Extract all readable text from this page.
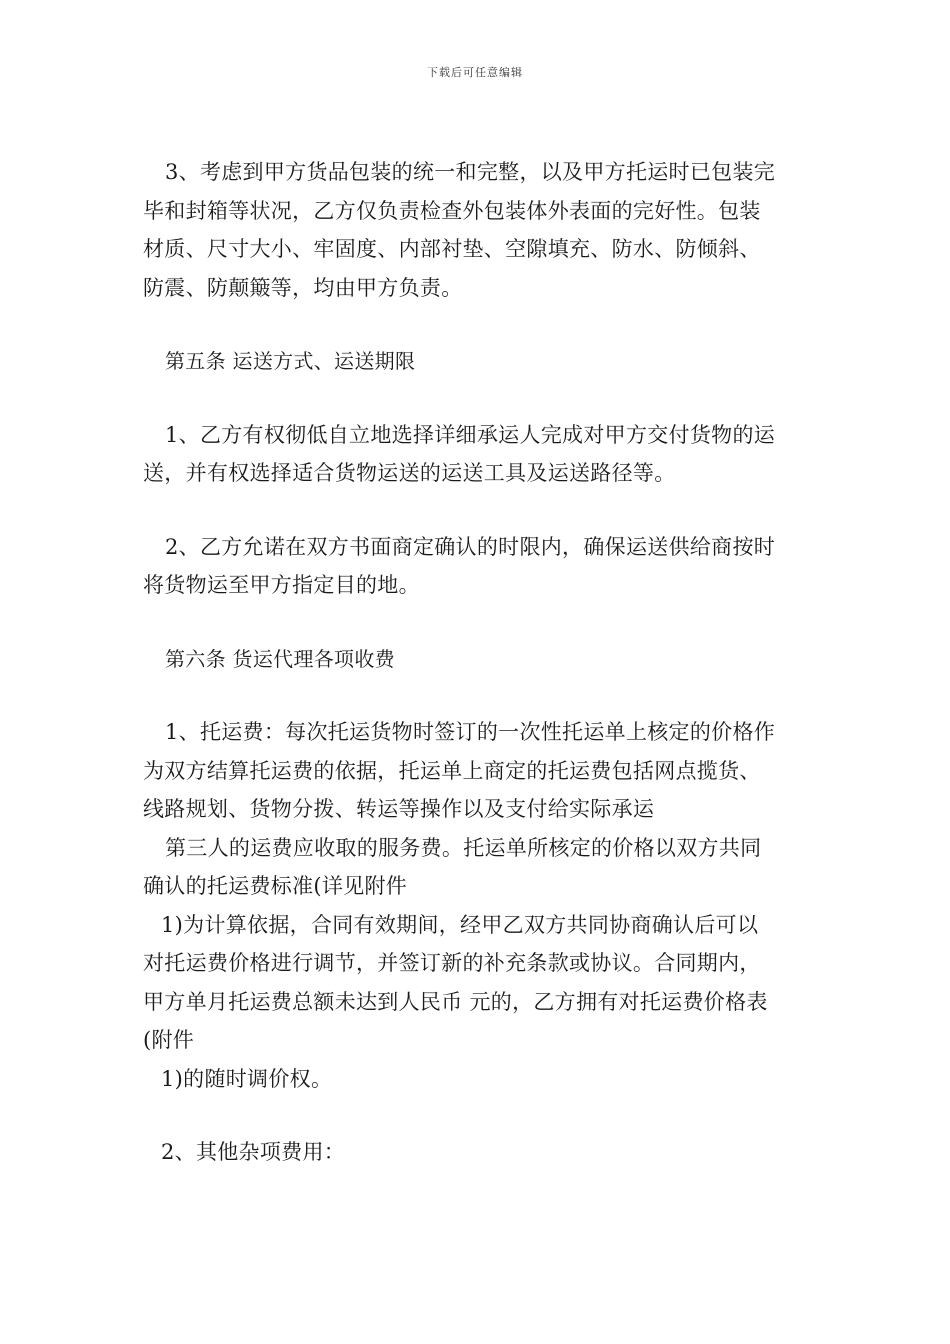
下载后可任意编辑

3、考虑到甲方货品包装的统一和完整，以及甲方托运时已包装完
毕和封箱等状况，乙方仅负责检查外包装体外表面的完好性。包装
材质、尺寸大小、牢固度、内部衬垫、空隙填充、防水、防倾斜、
防震、防颠簸等，均由甲方负责。

第五条 运送方式、运送期限

1、乙方有权彻低自立地选择详细承运人完成对甲方交付货物的运
送，并有权选择适合货物运送的运送工具及运送路径等。

2、乙方允诺在双方书面商定确认的时限内，确保运送供给商按时
将货物运至甲方指定目的地。

第六条 货运代理各项收费

1、托运费：每次托运货物时签订的一次性托运单上核定的价格作
为双方结算托运费的依据，托运单上商定的托运费包括网点揽货、
线路规划、货物分拨、转运等操作以及支付给实际承运

第三人的运费应收取的服务费。托运单所核定的价格以双方共同
确认的托运费标准(详见附件

1)为计算依据，合同有效期间，经甲乙双方共同协商确认后可以
对托运费价格进行调节，并签订新的补充条款或协议。合同期内，
甲方单月托运费总额未达到人民币 元的，乙方拥有对托运费价格表
(附件

1)的随时调价权。

2、其他杂项费用：
